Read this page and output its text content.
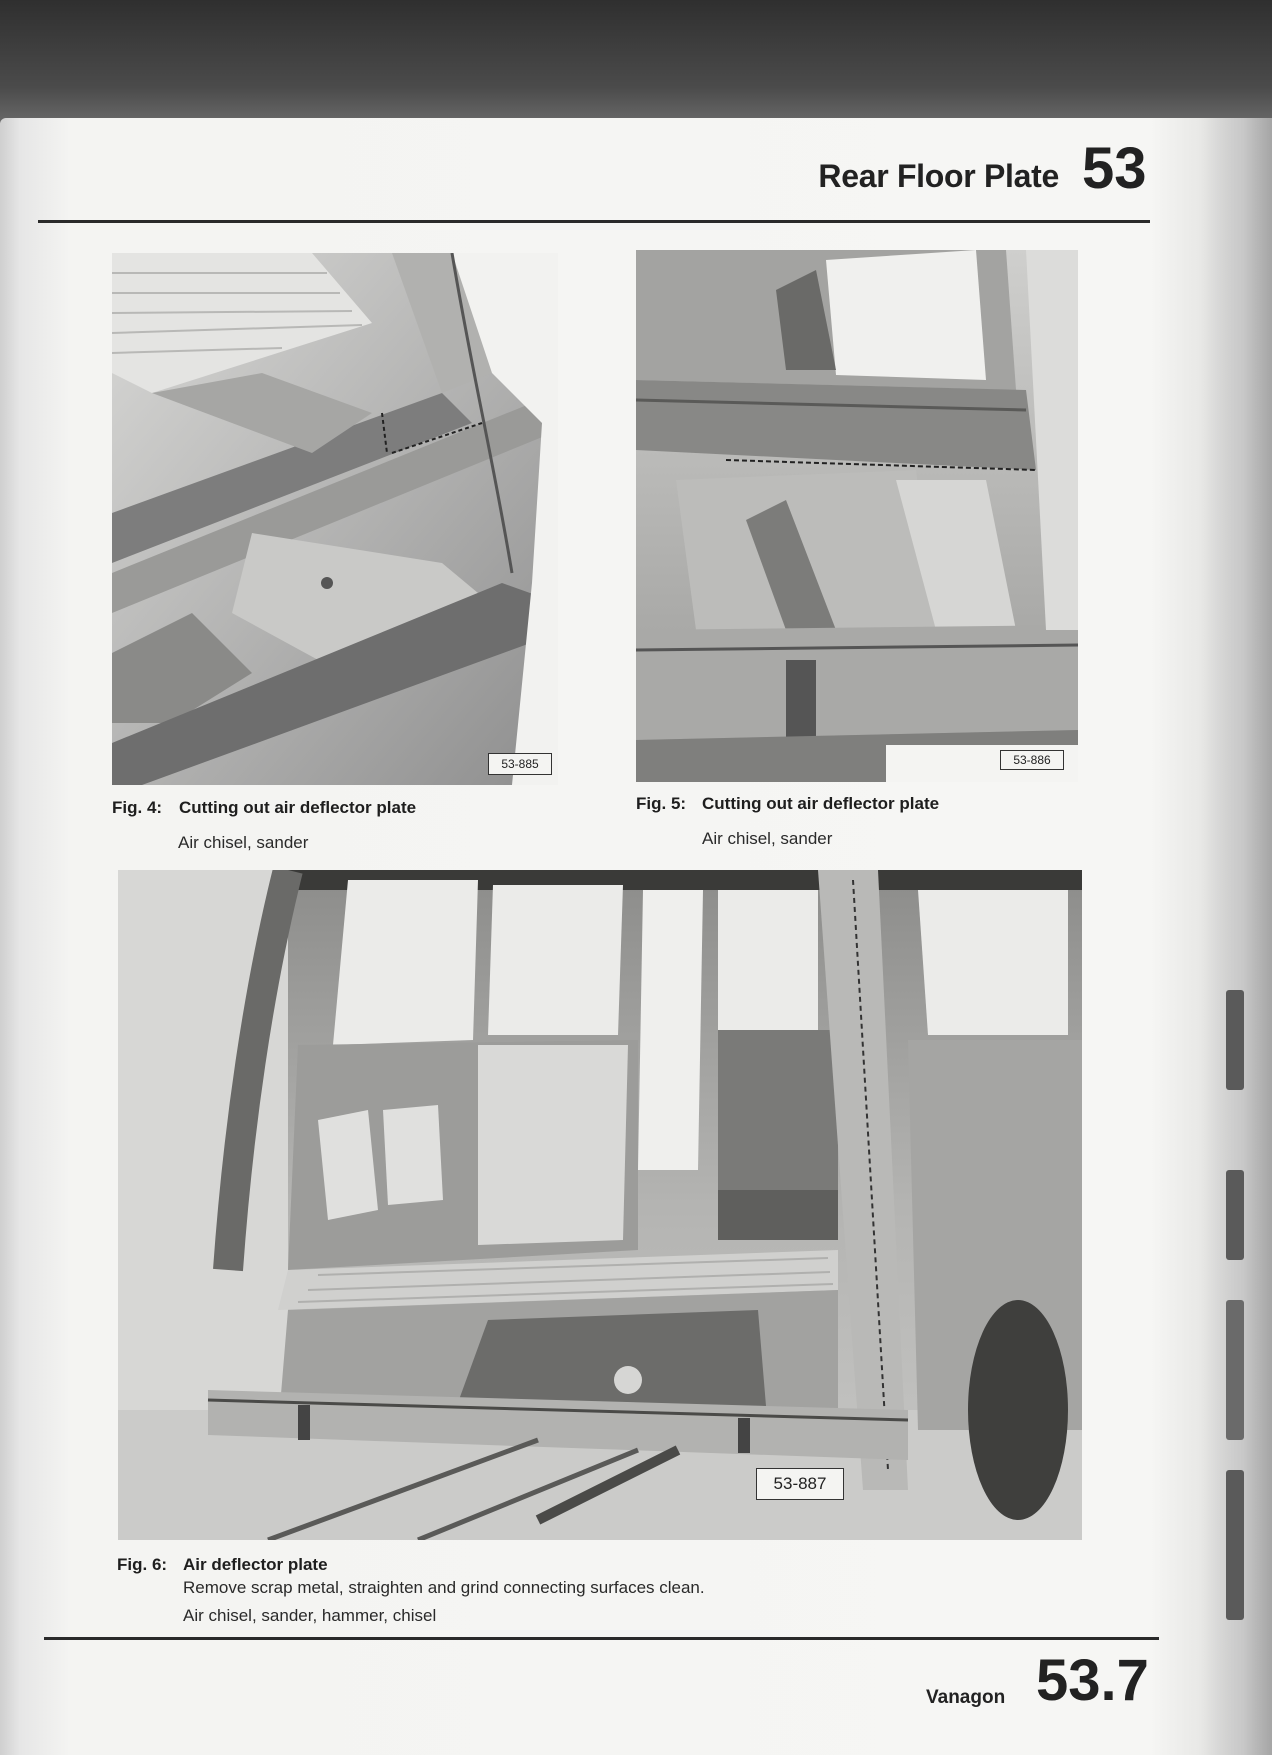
Rear Floor Plate 53
53-885
Fig. 4: Cutting out air deflector plate
Air chisel, sander
53-886
Fig. 5: Cutting out air deflector plate
Air chisel, sander
53-887
Fig. 6: Air deflector plate
Remove scrap metal, straighten and grind connecting surfaces clean.
Air chisel, sander, hammer, chisel
Vanagon 53.7
